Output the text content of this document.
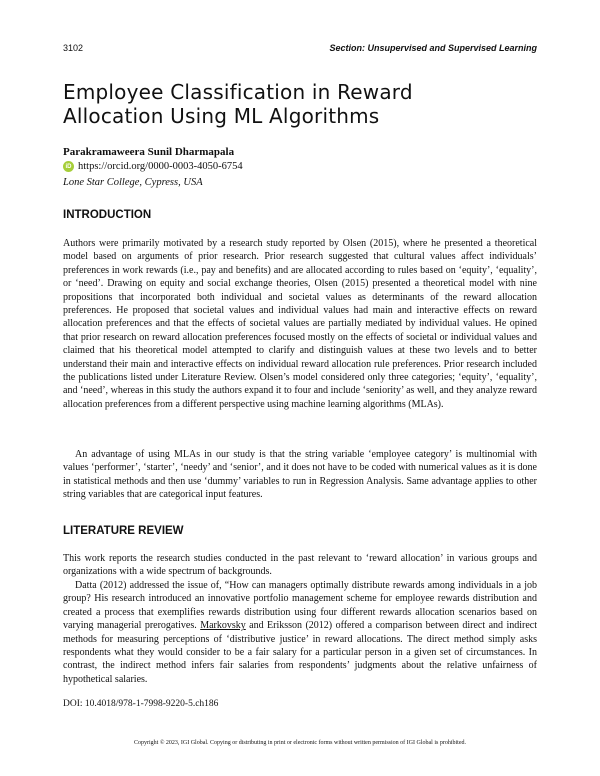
3102	Section: Unsupervised and Supervised Learning
Employee Classification in Reward Allocation Using ML Algorithms
Parakramaweera Sunil Dharmapala
iD https://orcid.org/0000-0003-4050-6754
Lone Star College, Cypress, USA
INTRODUCTION

Authors were primarily motivated by a research study reported by Olsen (2015), where he presented a theoretical model based on arguments of prior research. Prior research suggested that cultural values affect individuals’ preferences in work rewards (i.e., pay and benefits) and are allocated according to rules based on ‘equity’, ‘equality’, or ‘need’. Drawing on equity and social exchange theories, Olsen (2015) presented a theoretical model with nine propositions that incorporated both individual and societal values as determinants of the reward allocation preferences. He proposed that societal values and individual values had main and interactive effects on reward allocation preferences and that the effects of societal values are partially mediated by individual values. He opined that prior research on reward allocation preferences focused mostly on the effects of societal or individual values and claimed that his theoretical model attempted to clarify and distinguish values at these two levels and to better understand their main and interactive effects on individual reward allocation rule preferences. Prior research included the publications listed under Literature Review. Olsen’s model considered only three categories; ‘equity’, ‘equality’, and ‘need’, whereas in this study the authors expand it to four and include ‘seniority’ as well, and they analyze reward allocation preferences from a different perspective using machine learning algorithms (MLAs).

An advantage of using MLAs in our study is that the string variable ‘employee category’ is multinomial with values ‘performer’, ‘starter’, ‘needy’ and ‘senior’, and it does not have to be coded with numerical values as it is done in statistical methods and then use ‘dummy’ variables to run in Regression Analysis. Same advantage applies to other string variables that are categorical input features.

LITERATURE REVIEW

This work reports the research studies conducted in the past relevant to ‘reward allocation’ in various groups and organizations with a wide spectrum of backgrounds.

Datta (2012) addressed the issue of, “How can managers optimally distribute rewards among individuals in a job group? His research introduced an innovative portfolio management scheme for employee rewards distribution and created a process that exemplifies rewards distribution using four different rewards allocation scenarios based on varying managerial prerogatives. Markovsky and Eriksson (2012) offered a comparison between direct and indirect methods for measuring perceptions of ‘distributive justice’ in reward allocations. The direct method simply asks respondents what they would consider to be a fair salary for a particular person in a given set of circumstances. In contrast, the indirect method infers fair salaries from respondents’ judgments about the relative unfairness of hypothetical salaries.

DOI: 10.4018/978-1-7998-9220-5.ch186
Copyright © 2023, IGI Global. Copying or distributing in print or electronic forms without written permission of IGI Global is prohibited.
